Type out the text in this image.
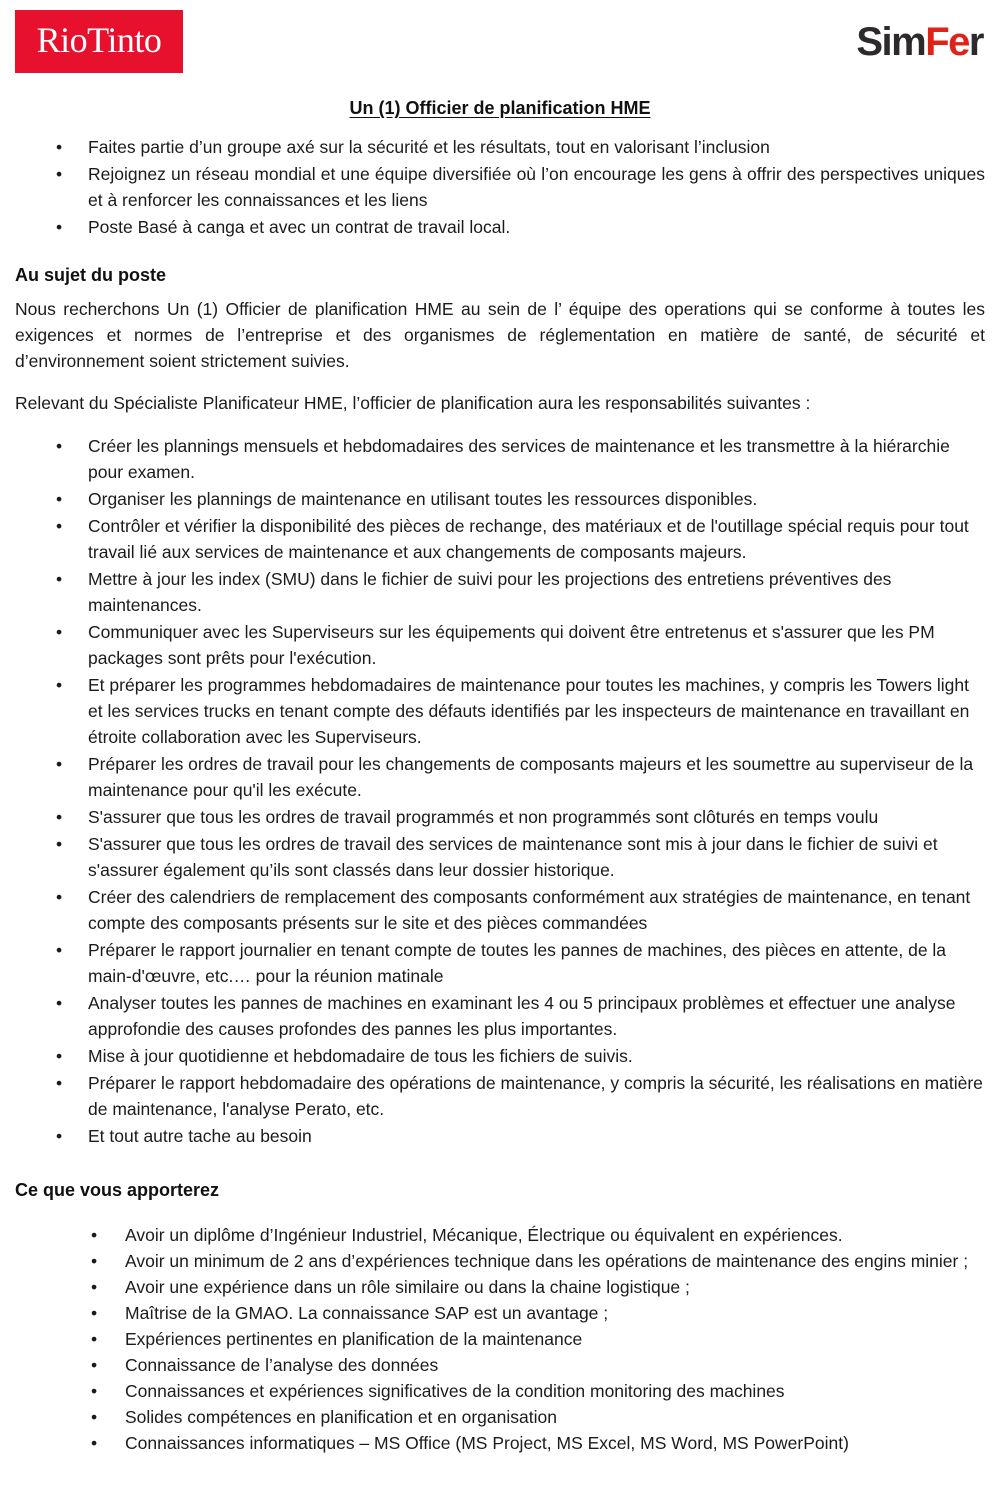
RioTinto	SimFer
Un (1) Officier de planification HME
• Faites partie d’un groupe axé sur la sécurité et les résultats, tout en valorisant l’inclusion
• Rejoignez un réseau mondial et une équipe diversifiée où l’on encourage les gens à offrir des perspectives uniques et à renforcer les connaissances et les liens
• Poste Basé à canga et avec un contrat de travail local.
Au sujet du poste

Nous recherchons Un (1) Officier de planification HME au sein de l’ équipe des operations qui se conforme à toutes les exigences et normes de l’entreprise et des organismes de réglementation en matière de santé, de sécurité et d’environnement soient strictement suivies.

Relevant du Spécialiste Planificateur HME, l’officier de planification aura les responsabilités suivantes :

• Créer les plannings mensuels et hebdomadaires des services de maintenance et les transmettre à la hiérarchie pour examen.
• Organiser les plannings de maintenance en utilisant toutes les ressources disponibles.
• Contrôler et vérifier la disponibilité des pièces de rechange, des matériaux et de l'outillage spécial requis pour tout travail lié aux services de maintenance et aux changements de composants majeurs.
• Mettre à jour les index (SMU) dans le fichier de suivi pour les projections des entretiens préventives des maintenances.
• Communiquer avec les Superviseurs sur les équipements qui doivent être entretenus et s'assurer que les PM packages sont prêts pour l'exécution.
• Et préparer les programmes hebdomadaires de maintenance pour toutes les machines, y compris les Towers light et les services trucks en tenant compte des défauts identifiés par les inspecteurs de maintenance en travaillant en étroite collaboration avec les Superviseurs.
• Préparer les ordres de travail pour les changements de composants majeurs et les soumettre au superviseur de la maintenance pour qu'il les exécute.
• S'assurer que tous les ordres de travail programmés et non programmés sont clôturés en temps voulu
• S'assurer que tous les ordres de travail des services de maintenance sont mis à jour dans le fichier de suivi et s'assurer également qu’ils sont classés dans leur dossier historique.
• Créer des calendriers de remplacement des composants conformément aux stratégies de maintenance, en tenant compte des composants présents sur le site et des pièces commandées
• Préparer le rapport journalier en tenant compte de toutes les pannes de machines, des pièces en attente, de la main-d'œuvre, etc.… pour la réunion matinale
• Analyser toutes les pannes de machines en examinant les 4 ou 5 principaux problèmes et effectuer une analyse approfondie des causes profondes des pannes les plus importantes.
• Mise à jour quotidienne et hebdomadaire de tous les fichiers de suivis.
• Préparer le rapport hebdomadaire des opérations de maintenance, y compris la sécurité, les réalisations en matière de maintenance, l'analyse Perato, etc.
• Et tout autre tache au besoin
Ce que vous apporterez
• Avoir un diplôme d’Ingénieur Industriel, Mécanique, Électrique ou équivalent en expériences.
• Avoir un minimum de 2 ans d’expériences technique dans les opérations de maintenance des engins minier ;
• Avoir une expérience dans un rôle similaire ou dans la chaine logistique ;
• Maîtrise de la GMAO. La connaissance SAP est un avantage ;
• Expériences pertinentes en planification de la maintenance
• Connaissance de l’analyse des données
• Connaissances et expériences significatives de la condition monitoring des machines
• Solides compétences en planification et en organisation
• Connaissances informatiques – MS Office (MS Project, MS Excel, MS Word, MS PowerPoint)
